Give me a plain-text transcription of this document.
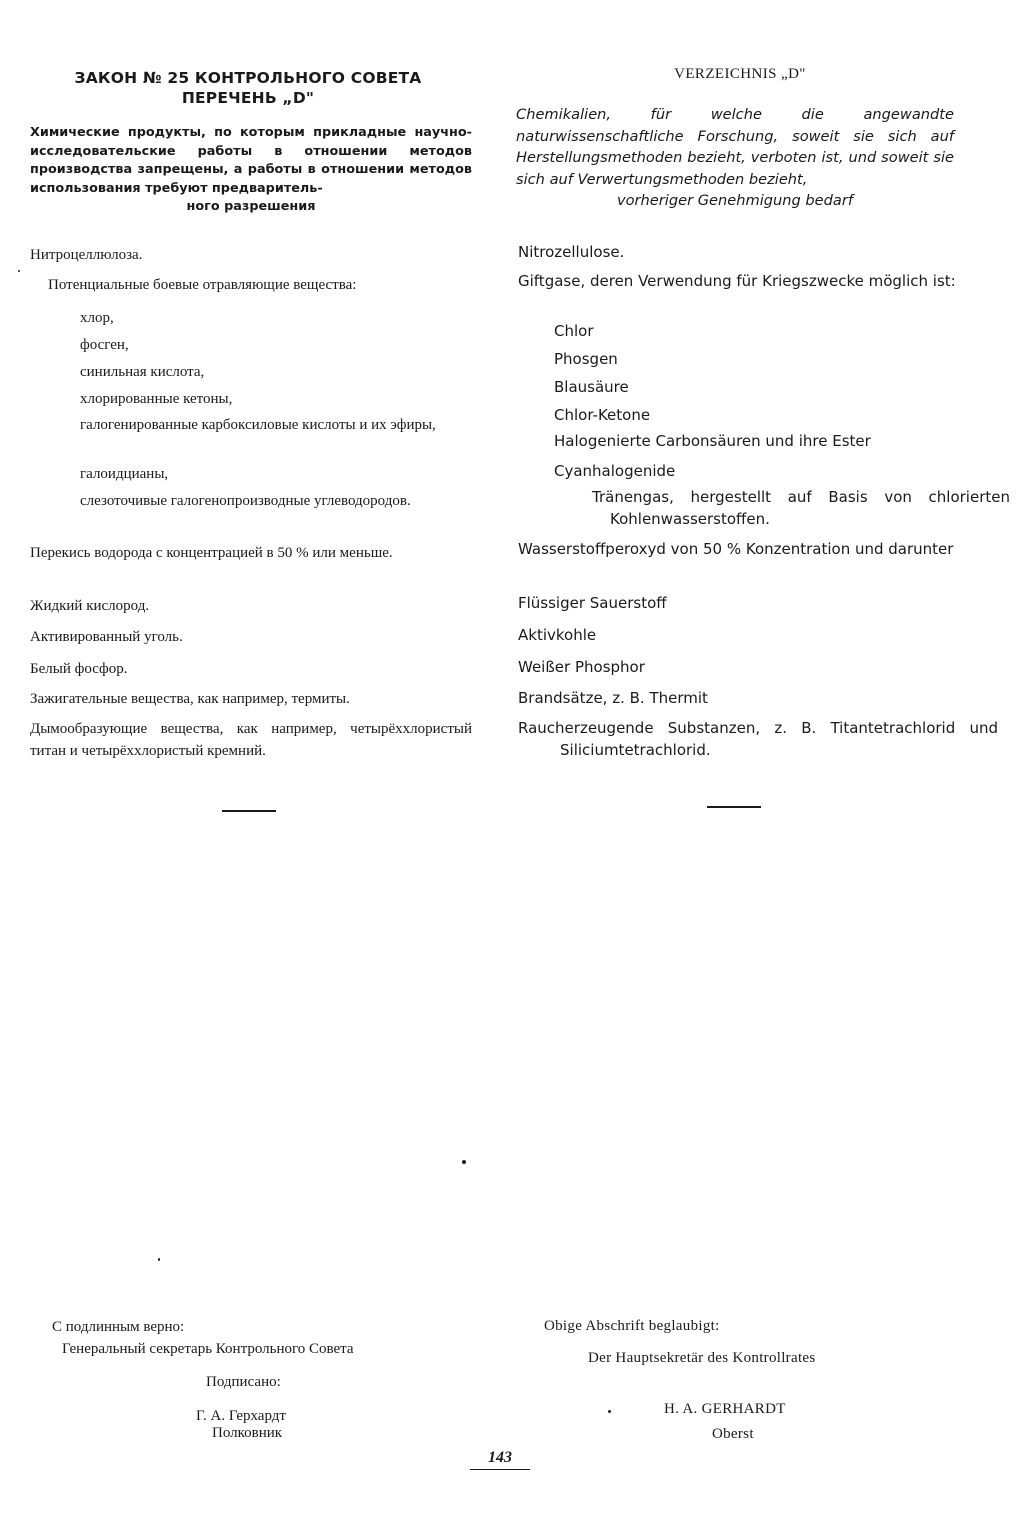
ЗАКОН № 25 КОНТРОЛЬНОГО СОВЕТА
ПЕРЕЧЕНЬ „D"
Химические продукты, по которым прикладные научно-исследовательские работы в отношении методов производства запрещены, а работы в отношении методов использования требуют предваритель-
ного разрешения
Нитроцеллюлоза.
Потенциальные боевые отравляющие вещества:
хлор,
фосген,
синильная кислота,
хлорированные кетоны,
галогенированные карбоксиловые кислоты и их эфиры,
галоидцианы,
слезоточивые галогенопроизводные углеводородов.
Перекись водорода с концентрацией в 50 % или меньше.
Жидкий кислород.
Активированный уголь.
Белый фосфор.
Зажигательные вещества, как например, термиты.
Дымообразующие вещества, как например, четырёххлористый титан и четырёххлористый кремний.
VERZEICHNIS „D"
Chemikalien, für welche die angewandte naturwissenschaftliche Forschung, soweit sie sich auf Herstellungsmethoden bezieht, verboten ist, und soweit sie sich auf Verwertungsmethoden bezieht,
vorheriger Genehmigung bedarf
Nitrozellulose.
Giftgase, deren Verwendung für Kriegszwecke möglich ist:
Chlor
Phosgen
Blausäure
Chlor-Ketone
Halogenierte Carbonsäuren und ihre Ester
Cyanhalogenide
Tränengas, hergestellt auf Basis von chlorierten Kohlenwasserstoffen.
Wasserstoffperoxyd von 50 % Konzentration und darunter
Flüssiger Sauerstoff
Aktivkohle
Weißer Phosphor
Brandsätze, z. B. Thermit
Raucherzeugende Substanzen, z. B. Titantetrachlorid und Siliciumtetrachlorid.
С подлинным верно:
Генеральный секретарь Контрольного Совета
Подписано:
Г. А. Герхардт
Полковник
Obige Abschrift beglaubigt:
Der Hauptsekretär des Kontrollrates
H. A. GERHARDT
Oberst
143
